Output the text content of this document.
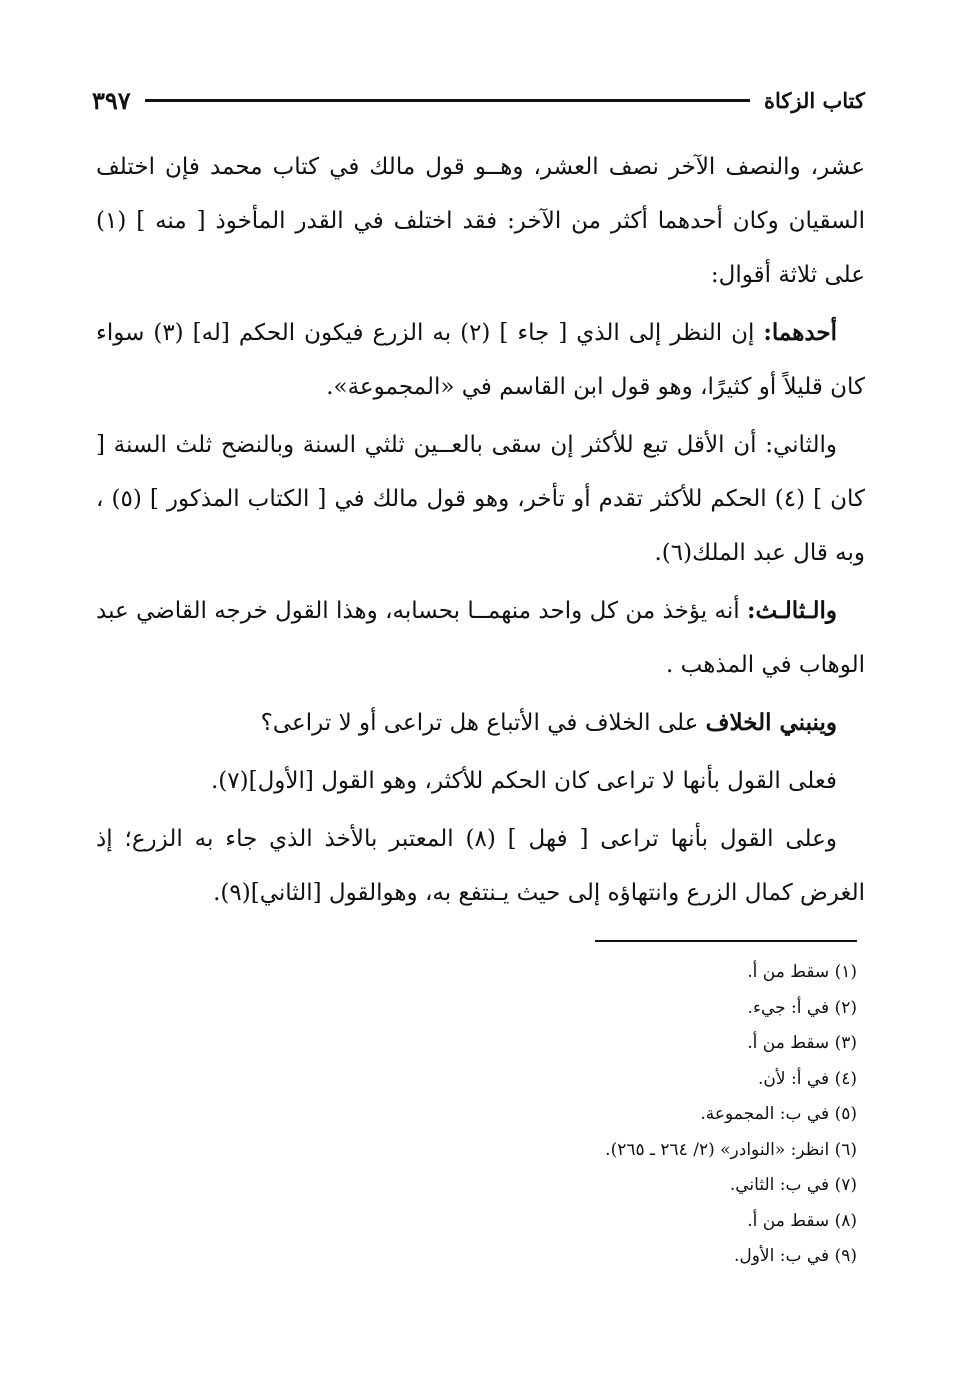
كتاب الزكاة
٣٩٧

عشر، والنصف الآخر نصف العشر، وهــو قول مالك في كتاب محمد فإن اختلف السقيان وكان أحدهما أكثر من الآخر: فقد اختلف في القدر المأخوذ [ منه ] (١) على ثلاثة أقوال:

أحدهما: إن النظر إلى الذي [ جاء ] (٢) به الزرع فيكون الحكم [له] (٣) سواء كان قليلاً أو كثيرًا، وهو قول ابن القاسم في «المجموعة».

والثاني: أن الأقل تبع للأكثر إن سقى بالعــين ثلثي السنة وبالنضح ثلث السنة [ كان ] (٤) الحكم للأكثر تقدم أو تأخر، وهو قول مالك في [ الكتاب المذكور ] (٥) ، وبه قال عبد الملك(٦).

والـثالـث: أنه يؤخذ من كل واحد منهمــا بحسابه، وهذا القول خرجه القاضي عبد الوهاب في المذهب .

وينبني الخلاف على الخلاف في الأتباع هل تراعى أو لا تراعى؟

فعلى القول بأنها لا تراعى كان الحكم للأكثر، وهو القول [الأول](٧).

وعلى القول بأنها تراعى [ فهل ] (٨) المعتبر بالأخذ الذي جاء به الزرع؛ إذ الغرض كمال الزرع وانتهاؤه إلى حيث يـنتفع به، وهوالقول [الثاني](٩).

(١) سقط من أ.
(٢) في أ: جيء.
(٣) سقط من أ.
(٤) في أ: لأن.
(٥) في ب: المجموعة.
(٦) انظر: «النوادر» (٢/ ٢٦٤ ـ ٢٦٥).
(٧) في ب: الثاني.
(٨) سقط من أ.
(٩) في ب: الأول.
